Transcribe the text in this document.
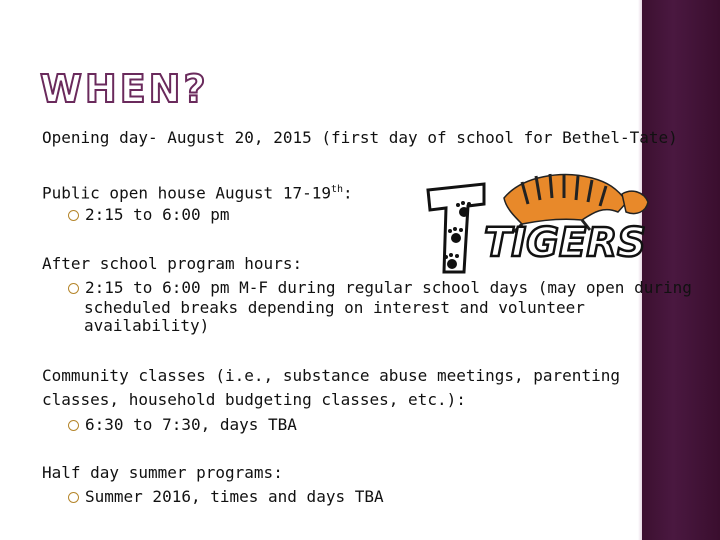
WHEN?
Opening day- August 20, 2015 (first day of school for Bethel-Tate)
Public open house August 17-19th:
2:15 to 6:00 pm
TIGERS
After school program hours:
2:15 to 6:00 pm M-F during regular school days (may open during
scheduled breaks depending on interest and volunteer
availability)
Community classes (i.e., substance abuse meetings, parenting
classes, household budgeting classes, etc.):
6:30 to 7:30, days TBA
Half day summer programs:
Summer 2016, times and days TBA
